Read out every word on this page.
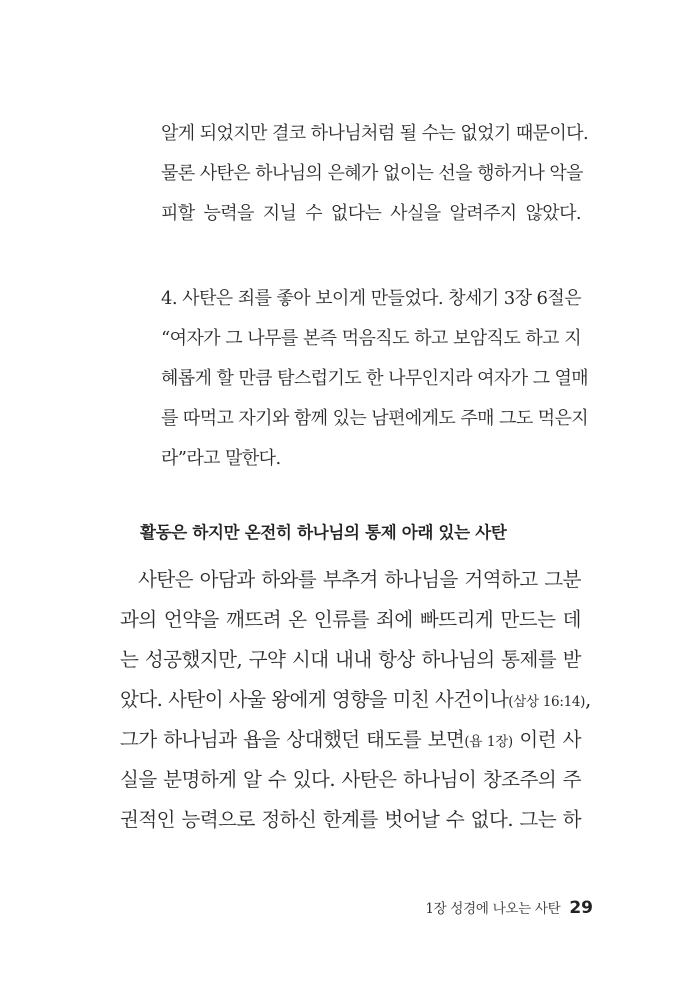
알게 되었지만 결코 하나님처럼 될 수는 없었기 때문이다.
물론 사탄은 하나님의 은혜가 없이는 선을 행하거나 악을
피할 능력을 지닐 수 없다는 사실을 알려주지 않았다.
4. 사탄은 죄를 좋아 보이게 만들었다. 창세기 3장 6절은
“여자가 그 나무를 본즉 먹음직도 하고 보암직도 하고 지
혜롭게 할 만큼 탐스럽기도 한 나무인지라 여자가 그 열매
를 따먹고 자기와 함께 있는 남편에게도 주매 그도 먹은지
라”라고 말한다.
활동은 하지만 온전히 하나님의 통제 아래 있는 사탄
사탄은 아담과 하와를 부추겨 하나님을 거역하고 그분
과의 언약을 깨뜨려 온 인류를 죄에 빠뜨리게 만드는 데
는 성공했지만, 구약 시대 내내 항상 하나님의 통제를 받
았다. 사탄이 사울 왕에게 영향을 미친 사건이나(삼상 16:14),
그가 하나님과 욥을 상대했던 태도를 보면(욥 1장) 이런 사
실을 분명하게 알 수 있다. 사탄은 하나님이 창조주의 주
권적인 능력으로 정하신 한계를 벗어날 수 없다. 그는 하
1장 성경에 나오는 사탄 29
